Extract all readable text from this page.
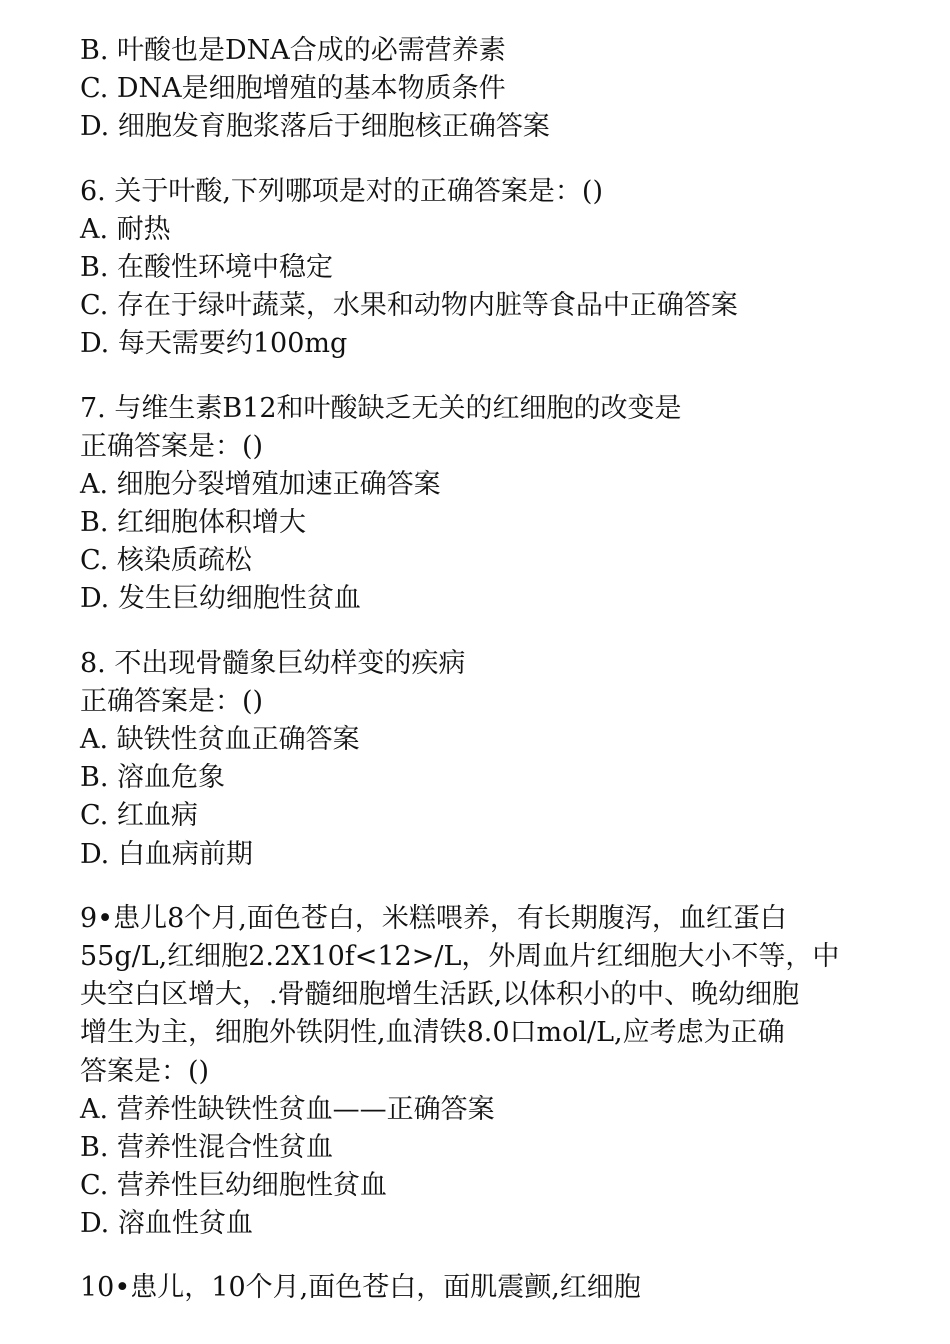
B. 叶酸也是DNA合成的必需营养素
C. DNA是细胞增殖的基本物质条件
D. 细胞发育胞浆落后于细胞核正确答案
6. 关于叶酸,下列哪项是对的正确答案是：()
A. 耐热
B. 在酸性环境中稳定
C. 存在于绿叶蔬菜，水果和动物内脏等食品中正确答案
D. 每天需要约100mg
7. 与维生素B12和叶酸缺乏无关的红细胞的改变是
正确答案是：()
A. 细胞分裂增殖加速正确答案
B. 红细胞体积增大
C. 核染质疏松
D. 发生巨幼细胞性贫血
8. 不出现骨髓象巨幼样变的疾病
正确答案是：()
A. 缺铁性贫血正确答案
B. 溶血危象
C. 红血病
D. 白血病前期
9•患儿8个月,面色苍白，米糕喂养，有长期腹泻，血红蛋白
55g/L,红细胞2.2X10f<12>/L，外周血片红细胞大小不等，中
央空白区增大，.骨髓细胞增生活跃,以体积小的中、晚幼细胞
增生为主，细胞外铁阴性,血清铁8.0口mol/L,应考虑为正确
答案是：()
A. 营养性缺铁性贫血——正确答案
B. 营养性混合性贫血
C. 营养性巨幼细胞性贫血
D. 溶血性贫血
10•患儿，10个月,面色苍白，面肌震颤,红细胞
